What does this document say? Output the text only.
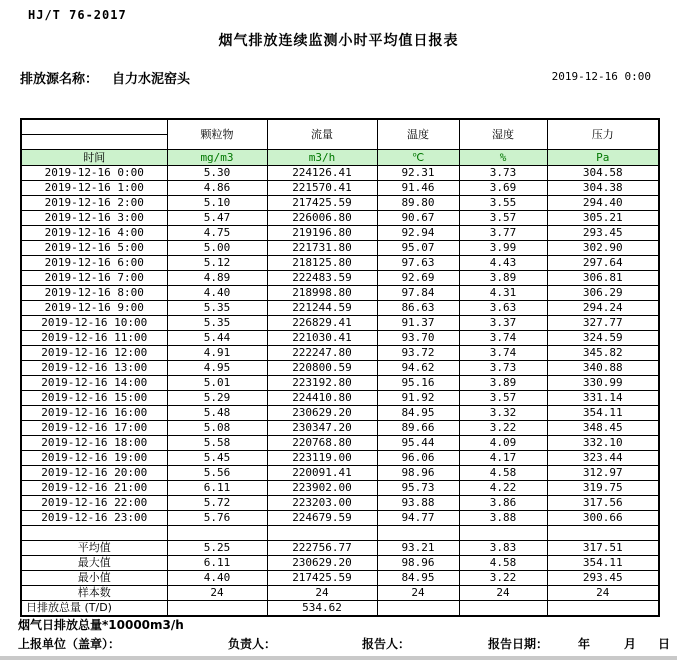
HJ/T 76-2017
烟气排放连续监测小时平均值日报表
排放源名称： 自力水泥窑头	2019-12-16 0:00
	颗粒物	流量	温度	湿度	压力

时间	mg/m3	m3/h	℃	%	Pa
2019-12-16 0:00	5.30	224126.41	92.31	3.73	304.58
2019-12-16 1:00	4.86	221570.41	91.46	3.69	304.38
2019-12-16 2:00	5.10	217425.59	89.80	3.55	294.40
2019-12-16 3:00	5.47	226006.80	90.67	3.57	305.21
2019-12-16 4:00	4.75	219196.80	92.94	3.77	293.45
2019-12-16 5:00	5.00	221731.80	95.07	3.99	302.90
2019-12-16 6:00	5.12	218125.80	97.63	4.43	297.64
2019-12-16 7:00	4.89	222483.59	92.69	3.89	306.81
2019-12-16 8:00	4.40	218998.80	97.84	4.31	306.29
2019-12-16 9:00	5.35	221244.59	86.63	3.63	294.24
2019-12-16 10:00	5.35	226829.41	91.37	3.37	327.77
2019-12-16 11:00	5.44	221030.41	93.70	3.74	324.59
2019-12-16 12:00	4.91	222247.80	93.72	3.74	345.82
2019-12-16 13:00	4.95	220800.59	94.62	3.73	340.88
2019-12-16 14:00	5.01	223192.80	95.16	3.89	330.99
2019-12-16 15:00	5.29	224410.80	91.92	3.57	331.14
2019-12-16 16:00	5.48	230629.20	84.95	3.32	354.11
2019-12-16 17:00	5.08	230347.20	89.66	3.22	348.45
2019-12-16 18:00	5.58	220768.80	95.44	4.09	332.10
2019-12-16 19:00	5.45	223119.00	96.06	4.17	323.44
2019-12-16 20:00	5.56	220091.41	98.96	4.58	312.97
2019-12-16 21:00	6.11	223902.00	95.73	4.22	319.75
2019-12-16 22:00	5.72	223203.00	93.88	3.86	317.56
2019-12-16 23:00	5.76	224679.59	94.77	3.88	300.66

平均值	5.25	222756.77	93.21	3.83	317.51
最大值	6.11	230629.20	98.96	4.58	354.11
最小值	4.40	217425.59	84.95	3.22	293.45
样本数	24	24	24	24	24
日排放总量 (T/D)		534.62			
烟气日排放总量*10000m3/h
上报单位（盖章）：	负责人：	报告人：	报告日期： 年	月 日
